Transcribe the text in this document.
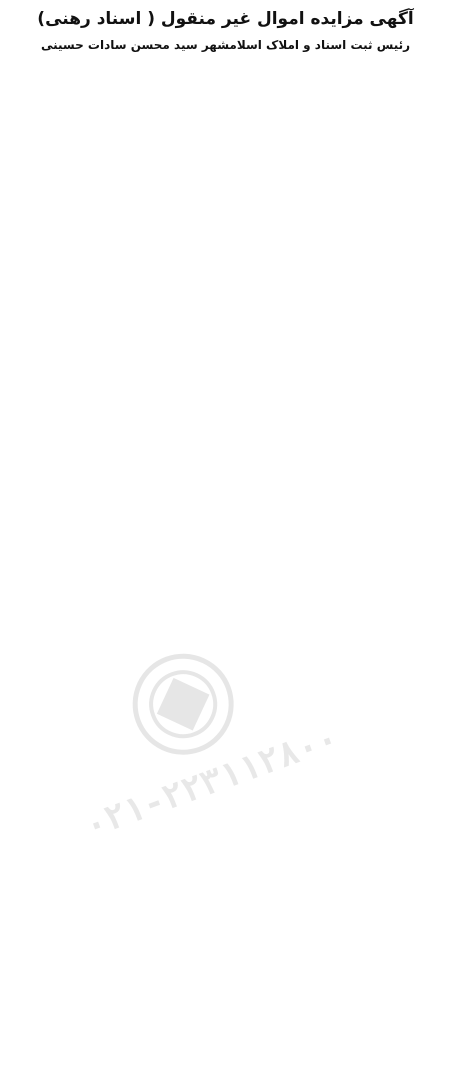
آگهی مزایده اموال غیر منقول ( اسناد رهنی)

رئیس ثبت اسناد و املاک اسلامشهر سید محسن سادات حسینی
۰۲۱-۲۲۳۱۱۲۸۰۰
